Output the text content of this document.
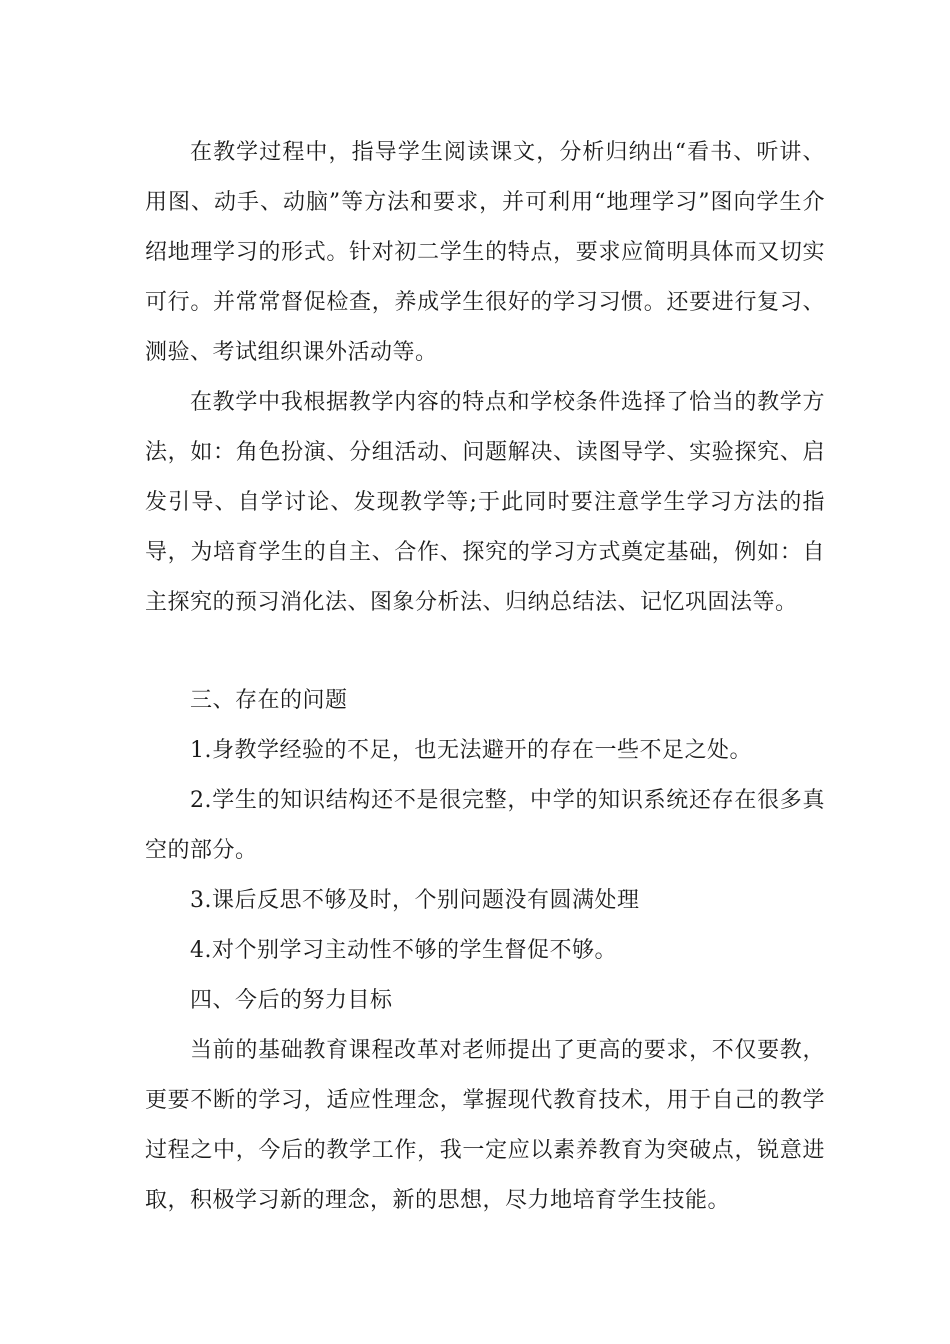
在教学过程中，指导学生阅读课文，分析归纳出“看书、听讲、用图、动手、动脑”等方法和要求，并可利用“地理学习”图向学生介绍地理学习的形式。针对初二学生的特点，要求应简明具体而又切实可行。并常常督促检查，养成学生很好的学习习惯。还要进行复习、测验、考试组织课外活动等。

在教学中我根据教学内容的特点和学校条件选择了恰当的教学方法，如：角色扮演、分组活动、问题解决、读图导学、实验探究、启发引导、自学讨论、发现教学等;于此同时要注意学生学习方法的指导，为培育学生的自主、合作、探究的学习方式奠定基础，例如：自主探究的预习消化法、图象分析法、归纳总结法、记忆巩固法等。

三、存在的问题

1.身教学经验的不足，也无法避开的存在一些不足之处。

2.学生的知识结构还不是很完整，中学的知识系统还存在很多真空的部分。

3.课后反思不够及时，个别问题没有圆满处理

4.对个别学习主动性不够的学生督促不够。

四、今后的努力目标

当前的基础教育课程改革对老师提出了更高的要求，不仅要教，更要不断的学习，适应性理念，掌握现代教育技术，用于自己的教学过程之中，今后的教学工作，我一定应以素养教育为突破点，锐意进取，积极学习新的理念，新的思想，尽力地培育学生技能。
